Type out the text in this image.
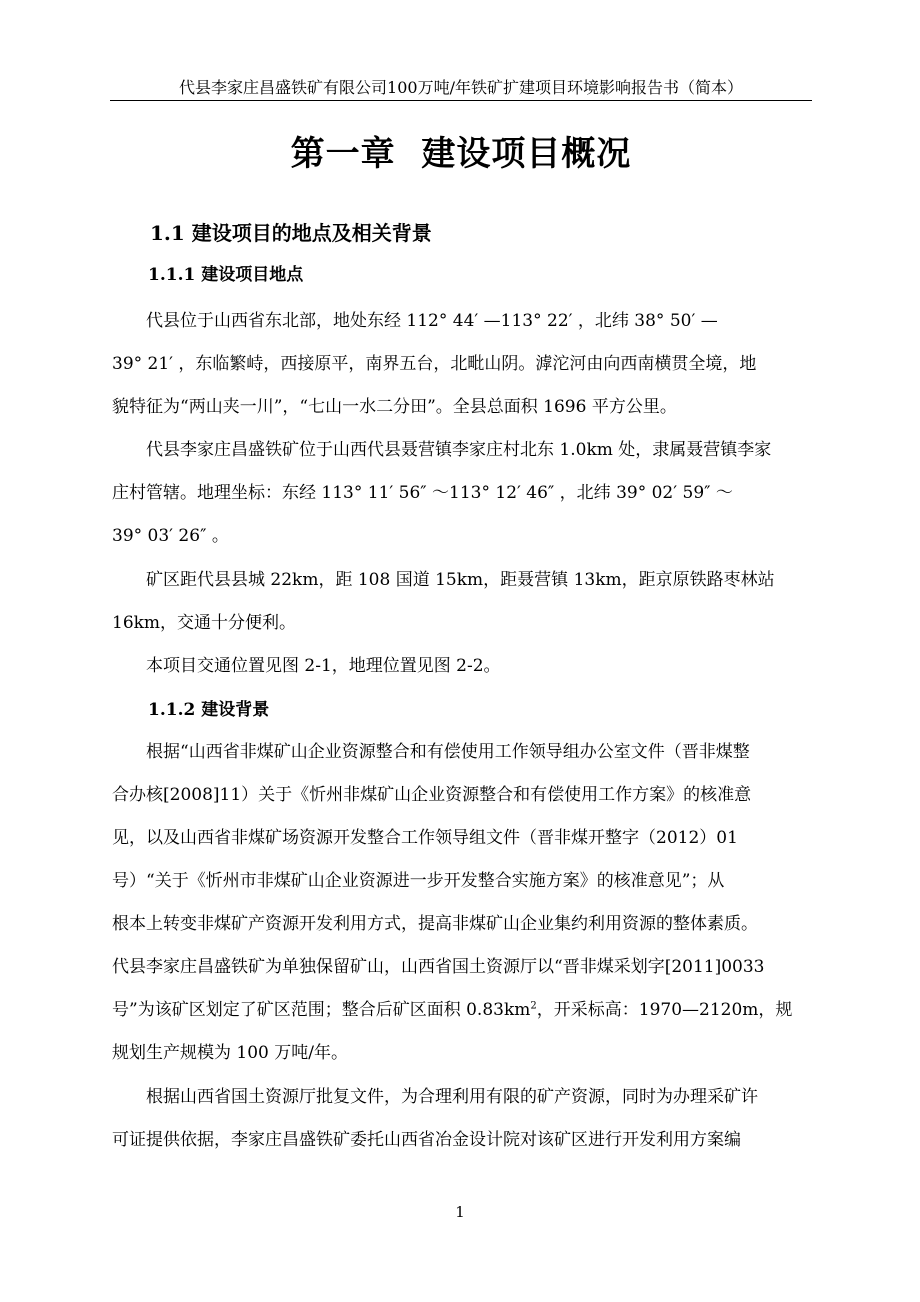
代县李家庄昌盛铁矿有限公司100万吨/年铁矿扩建项目环境影响报告书（简本）
第一章  建设项目概况
1.1 建设项目的地点及相关背景
1.1.1 建设项目地点
代县位于山西省东北部，地处东经 112° 44′ —113° 22′ ，北纬 38° 50′ —
39° 21′ ，东临繁峙，西接原平，南界五台，北毗山阴。滹沱河由向西南横贯全境，地
貌特征为“两山夹一川”，“七山一水二分田”。全县总面积 1696 平方公里。
代县李家庄昌盛铁矿位于山西代县聂营镇李家庄村北东 1.0km 处，隶属聂营镇李家
庄村管辖。地理坐标：东经 113° 11′ 56″ ～113° 12′ 46″ ，北纬 39° 02′ 59″ ～
39° 03′ 26″ 。
矿区距代县县城 22km，距 108 国道 15km，距聂营镇 13km，距京原铁路枣林站
16km，交通十分便利。
本项目交通位置见图 2-1，地理位置见图 2-2。
1.1.2 建设背景
根据“山西省非煤矿山企业资源整合和有偿使用工作领导组办公室文件（晋非煤整
合办核[2008]11）关于《忻州非煤矿山企业资源整合和有偿使用工作方案》的核准意
见，以及山西省非煤矿场资源开发整合工作领导组文件（晋非煤开整字（2012）01
号）“关于《忻州市非煤矿山企业资源进一步开发整合实施方案》的核准意见”；从
根本上转变非煤矿产资源开发利用方式，提高非煤矿山企业集约利用资源的整体素质。
代县李家庄昌盛铁矿为单独保留矿山，山西省国土资源厅以“晋非煤采划字[2011]0033
号”为该矿区划定了矿区范围；整合后矿区面积 $0.83km^2$，开采标高：1970—2120m，规
规划生产规模为 100 万吨/年。
根据山西省国土资源厅批复文件，为合理利用有限的矿产资源，同时为办理采矿许
可证提供依据，李家庄昌盛铁矿委托山西省冶金设计院对该矿区进行开发利用方案编
1
